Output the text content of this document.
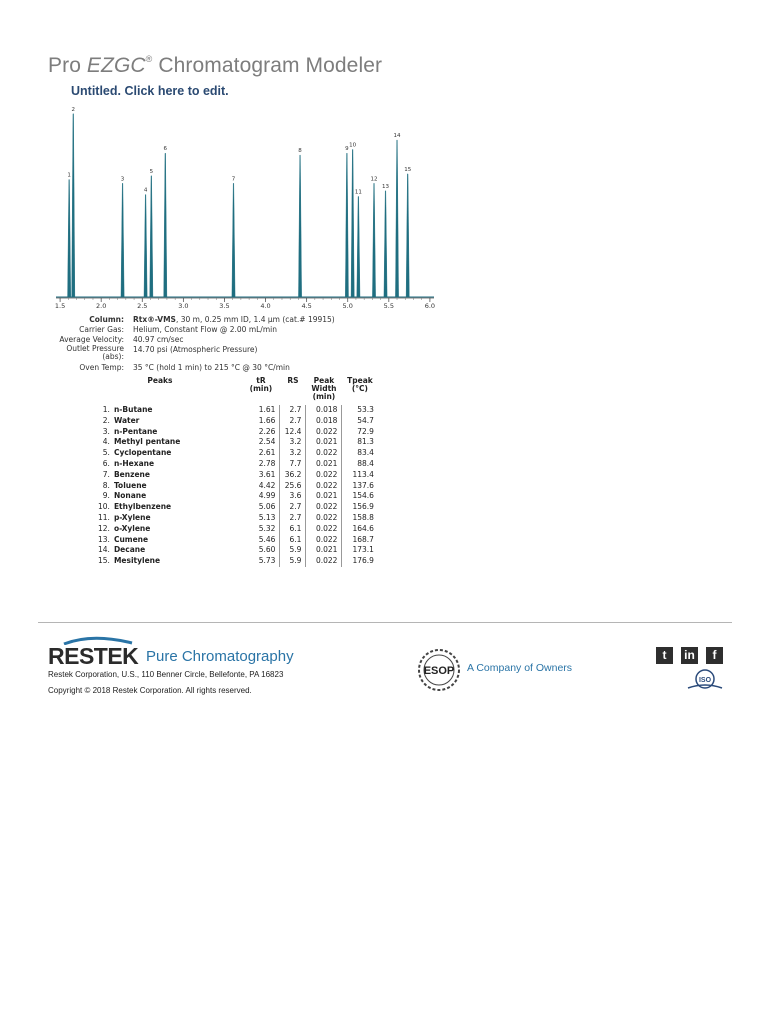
Pro EZGC® Chromatogram Modeler
Untitled. Click here to edit.
1.5	2.0	2.5	3.0	3.5	4.0	4.5	5.0	5.5	6.0
1
2
3
4
5
6
7
8	9
10
11
12
13
14
15
Column:	Rtx®-VMS, 30 m, 0.25 mm ID, 1.4 µm (cat.# 19915)
Carrier Gas:	Helium, Constant Flow @ 2.00 mL/min
Average Velocity:	40.97 cm/sec
Outlet Pressure (abs):
14.70 psi (Atmospheric Pressure)
Oven Temp:	35 °C (hold 1 min) to 215 °C @ 30 °C/min
Peaks		tR
(min)	RS	Peak Width (min)	Tpeak
(°C)

1.	n-Butane	1.61	2.7	0.018	53.3
2.	Water	1.66	2.7	0.018	54.7
3.	n-Pentane	2.26	12.4	0.022	72.9
4.	Methyl pentane	2.54	3.2	0.021	81.3
5.	Cyclopentane	2.61	3.2	0.022	83.4
6.	n-Hexane	2.78	7.7	0.021	88.4
7.	Benzene	3.61	36.2	0.022	113.4
8.	Toluene	4.42	25.6	0.022	137.6
9.	Nonane	4.99	3.6	0.021	154.6
10.	Ethylbenzene	5.06	2.7	0.022	156.9
11.	p-Xylene	5.13	2.7	0.022	158.8
12.	o-Xylene	5.32	6.1	0.022	164.6
13.	Cumene	5.46	6.1	0.022	168.7
14.	Decane	5.60	5.9	0.021	173.1
15.	Mesitylene	5.73	5.9	0.022	176.9
RESTEK Pure Chromatography
Restek Corporation, U.S., 110 Benner Circle, Bellefonte, PA 16823
Copyright © 2018 Restek Corporation. All rights reserved.
ESOP A Company of Owners
t	in	f
ISO
